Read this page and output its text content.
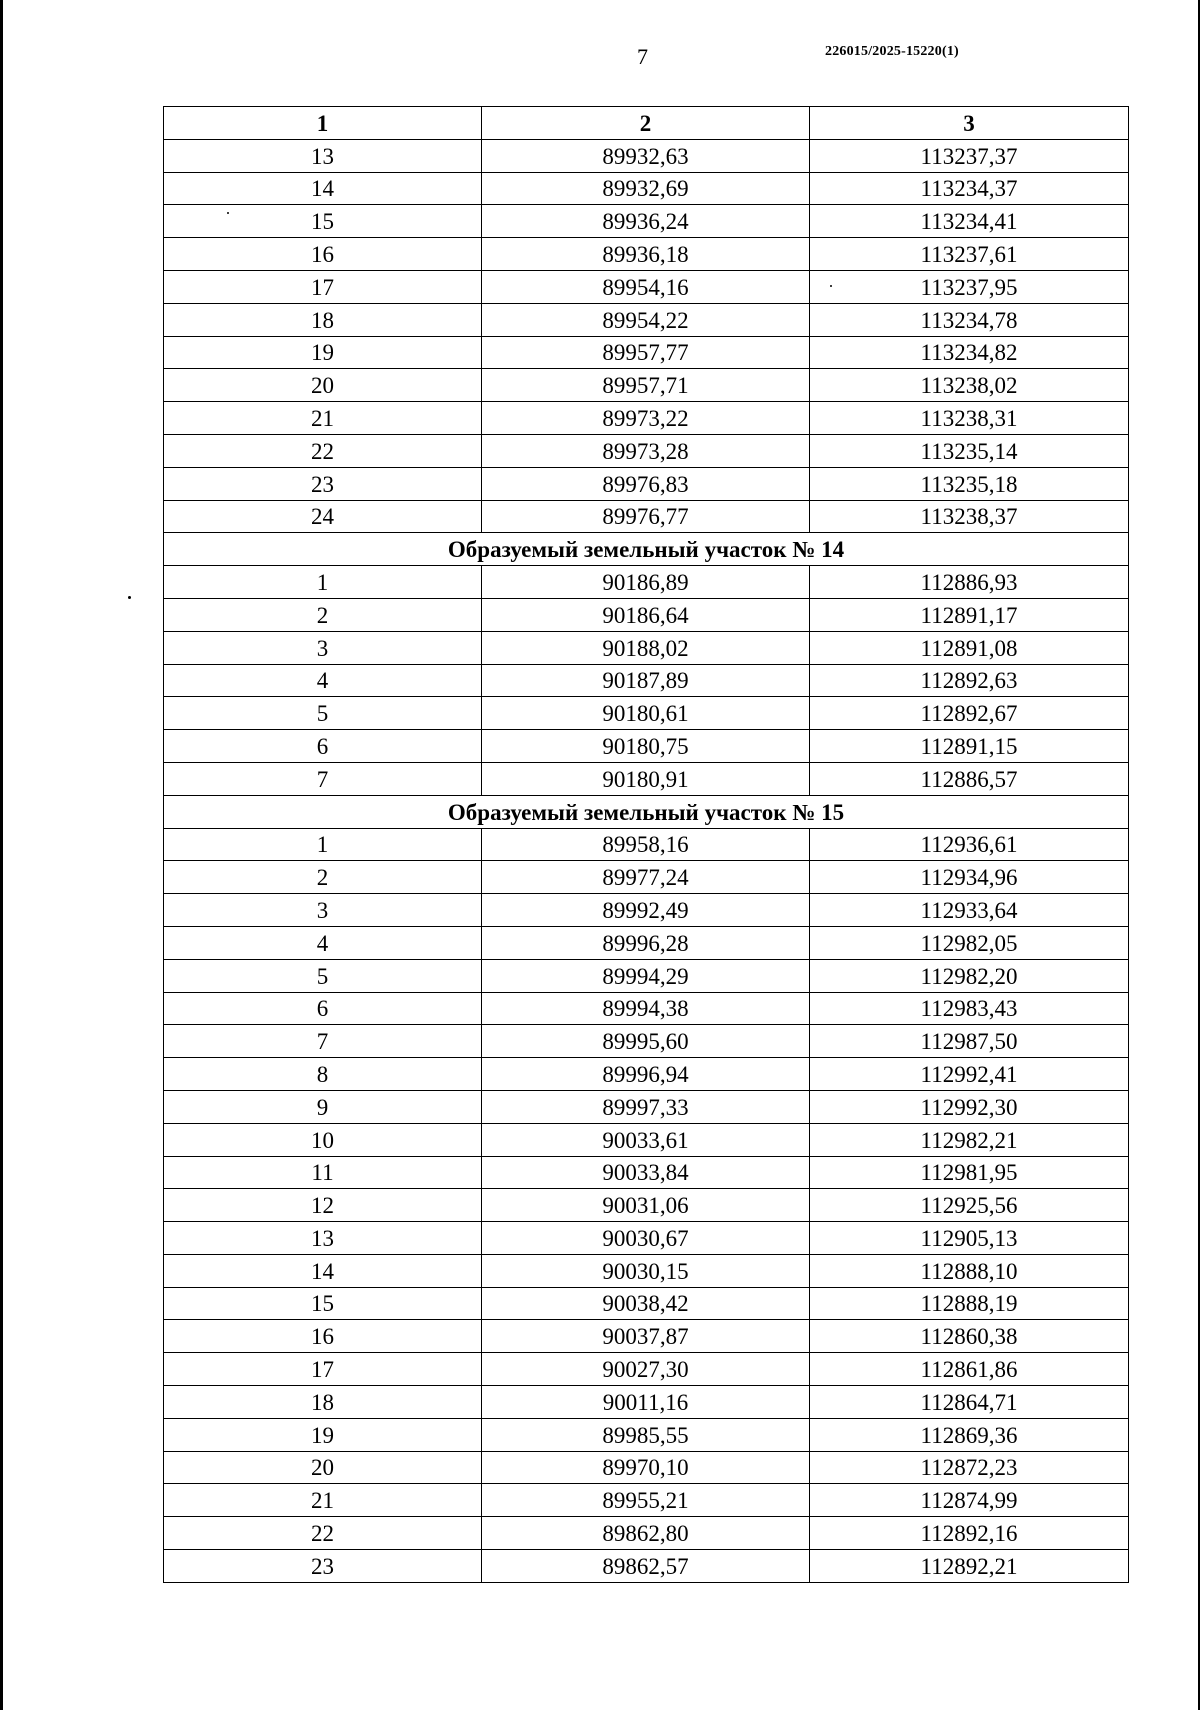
7	226015/2025-15220(1)
1	2	3
13	89932,63	113237,37
14	89932,69	113234,37
15	89936,24	113234,41
16	89936,18	113237,61
17	89954,16	113237,95
18	89954,22	113234,78
19	89957,77	113234,82
20	89957,71	113238,02
21	89973,22	113238,31
22	89973,28	113235,14
23	89976,83	113235,18
24	89976,77	113238,37
Образуемый земельный участок № 14		
1	90186,89	112886,93
2	90186,64	112891,17
3	90188,02	112891,08
4	90187,89	112892,63
5	90180,61	112892,67
6	90180,75	112891,15
7	90180,91	112886,57
Образуемый земельный участок № 15		
1	89958,16	112936,61
2	89977,24	112934,96
3	89992,49	112933,64
4	89996,28	112982,05
5	89994,29	112982,20
6	89994,38	112983,43
7	89995,60	112987,50
8	89996,94	112992,41
9	89997,33	112992,30
10	90033,61	112982,21
11	90033,84	112981,95
12	90031,06	112925,56
13	90030,67	112905,13
14	90030,15	112888,10
15	90038,42	112888,19
16	90037,87	112860,38
17	90027,30	112861,86
18	90011,16	112864,71
19	89985,55	112869,36
20	89970,10	112872,23
21	89955,21	112874,99
22	89862,80	112892,16
23	89862,57	112892,21
